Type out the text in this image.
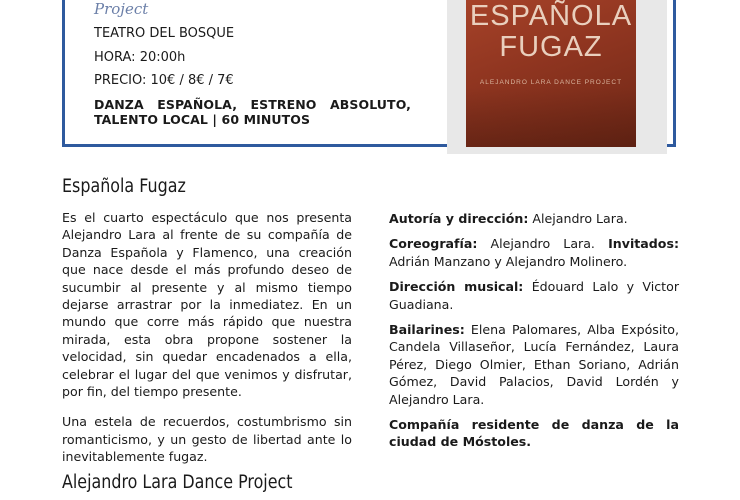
ESPAÑOLA
FUGAZ
ALEJANDRO LARA DANCE PROJECT
Project
TEATRO DEL BOSQUE
HORA: 20:00h
PRECIO: 10€ / 8€ / 7€
DANZA ESPAÑOLA, ESTRENO ABSOLUTO, TALENTO LOCAL | 60 MINUTOS
Española Fugaz

Es el cuarto espectáculo que nos presenta Alejandro Lara al frente de su compañía de Danza Española y Flamenco, una creación que nace desde el más profundo deseo de sucumbir al presente y al mismo tiempo dejarse arrastrar por la inmediatez. En un mundo que corre más rápido que nuestra mirada, esta obra propone sostener la velocidad, sin quedar encadenados a ella, celebrar el lugar del que venimos y disfrutar, por fin, del tiempo presente.

Una estela de recuerdos, costumbrismo sin romanticismo, y un gesto de libertad ante lo inevitablemente fugaz.

Autoría y dirección: Alejandro Lara.

Coreografía: Alejandro Lara. Invitados: Adrián Manzano y Alejandro Molinero.

Dirección musical: Édouard Lalo y Victor Guadiana.

Bailarines: Elena Palomares, Alba Expósito, Candela Villaseñor, Lucía Fernández, Laura Pérez, Diego Olmier, Ethan Soriano, Adrián Gómez, David Palacios, David Lordén y Alejandro Lara.

Compañía residente de danza de la ciudad de Móstoles.

Alejandro Lara Dance Project
